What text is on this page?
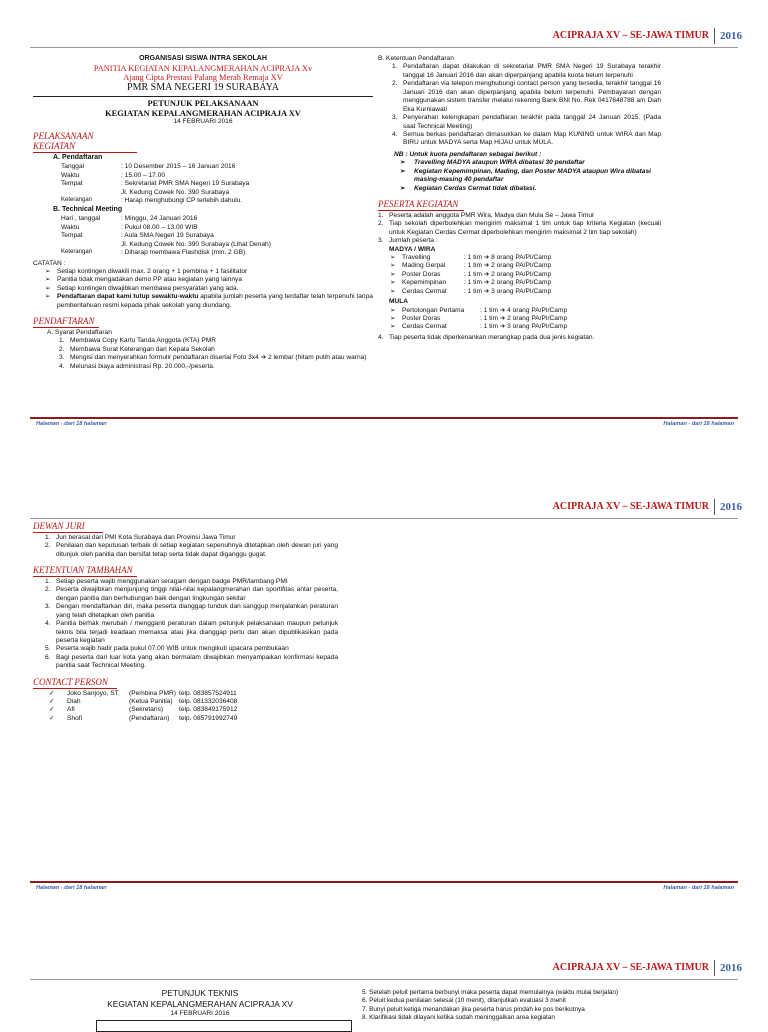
ACIPRAJA XV – SE-JAWA TIMUR 2016
ORGANISASI SISWA INTRA SEKOLAH
PANITIA KEGIATAN KEPALANGMERAHAN ACIPRAJA Xv
Ajang Cipta Prestasi Palang Merah Remaja XV
PMR SMA NEGERI 19 SURABAYA
PETUNJUK PELAKSANAAN
KEGIATAN KEPALANGMERAHAN ACIPRAJA XV
14 FEBRUARI 2016
PELAKSANAAN KEGIATAN
A. Pendaftaran
Tanggal	: 10 Desember 2015 – 16 Januari 2016
Waktu	: 15.00 – 17.00
Tempat	: Sekretariat PMR SMA Negeri 19 Surabaya
Jl. Kedung Cowek No. 390 Surabaya
Keterangan	: Harap menghubungi CP terlebih dahulu.
B. Technical Meeting
Hari , tanggal	: Minggu, 24 Januari 2016
Waktu	: Pukul 08.00 – 13.00 WIB
Tempat	: Aula SMA Negeri 19 Surabaya
Jl. Kedung Cowek No. 390 Surabaya (Lihat Denah)
Keterangan	: Diharap membawa Flashdisk (min. 2 GB).
CATATAN :
➢ Setiap kontingen diwakili max. 2 orang + 1 pembina + 1 fasilitator
➢ Panitia tidak mengadakan demo PP atau kegiatan yang lainnya
➢ Setiap kontingen diwajibkan membawa persyaratan yang ada.
➢ Pendaftaran dapat kami tutup sewaktu-waktu apabila jumlah peserta yang terdaftar telah terpenuhi tanpa pemberitahuan resmi kepada pihak sekolah yang diundang.
PENDAFTARAN
A. Syarat Pendaftaran
1. Membawa Copy Kartu Tanda Anggota (KTA) PMR
2. Membawa Surat Keterangan dari Kepala Sekolah
3. Mengisi dan menyerahkan formulir pendaftaran disertai Foto 3x4 ➔ 2 lembar (hitam putih atau warna)
4. Melunasi biaya administrasi Rp. 20.000,-/peserta.
B. Ketentuan Pendaftaran
1. Pendaftaran dapat dilakukan di sekretariat PMR SMA Negeri 19 Surabaya terakhir tanggal 16 Januari 2016 dan akan diperpanjang apabila kuota belum terpenuhi
2. Pendaftaran via telepon menghubungi contact person yang tersedia, terakhir tanggal 16 Januari 2016 dan akan diperpanjang apabila belum terpenuhi. Pembayaran dengan menggunakan sistem transfer melalui rekening Bank BNI No. Rek 0417648788 a/n Diah Eka Kurniawati
3. Penyerahan kelengkapan pendaftaran terakhir pada tanggal 24 Januari 2015. (Pada saat Technical Meeting)
4. Semua berkas pendaftaran dimasukkan ke dalam Map KUNING untuk WIRA dan Map BIRU untuk MADYA serta Map HIJAU untuk MULA.
NB : Untuk kuota pendaftaran sebagai berikut :
➢ Travelling MADYA ataupun WIRA dibatasi 30 pendaftar
➢ Kegiatan Kepemimpinan, Mading, dan Poster MADYA ataupun Wira dibatasi masing-masing 40 pendaftar
➢ Kegiatan Cerdas Cermat tidak dibatasi.
PESERTA KEGIATAN
1. Peserta adalah anggota PMR Wira, Madya dan Mula Se – Jawa Timur
2. Tiap sekolah diperbolehkan mengirim maksimal 1 tim untuk tiap kriteria Kegiatan (kecuali untuk Kegiatan Cerdas Cermat diperbolehkan mengirim maksimal 2 tim tiap sekolah)
3. Jumlah peserta :
MADYA / WIRA
➢ Travelling	: 1 tim ➔ 8 orang PA/PI/Camp
➢ Mading Gerpal	: 1 tim ➔ 2 orang PA/PI/Camp
➢ Poster Doras	: 1 tim ➔ 2 orang PA/PI/Camp
➢ Kepemimpinan	: 1 tim ➔ 2 orang PA/PI/Camp
➢ Cerdas Cermat	: 1 tim ➔ 3 orang PA/PI/Camp
MULA
➢ Pertolongan Pertama	: 1 tim ➔ 4 orang PA/PI/Camp
➢ Poster Doras	: 1 tim ➔ 2 orang PA/PI/Camp
➢ Cerdas Cermat	: 1 tim ➔ 3 orang PA/PI/Camp
4. Tiap peserta tidak diperkenankan merangkap pada dua jenis kegiatan.
Halaman - dari 18 halaman	Halaman - dari 18 halaman
ACIPRAJA XV – SE-JAWA TIMUR 2016
DEWAN JURI
1. Juri berasal dari PMI Kota Surabaya dan Provinsi Jawa Timur
2. Penilaian dan keputusan terbaik di setiap kegiatan sepenuhnya ditetapkan oleh dewan juri yang ditunjuk oleh panitia dan bersifat tetap serta tidak dapat diganggu gugat.
KETENTUAN TAMBAHAN
1. Setiap peserta wajib menggunakan seragam dengan badge PMR/lambang PMI
2. Peserta diwajibkan menjunjung tinggi nilai-nilai kepalangmerahan dan sportifitas antar peserta, dengan panitia dan berhubungan baik dengan lingkungan sekitar
3. Dengan mendaftarkan diri, maka peserta dianggap tunduk dan sanggup menjalankan peraturan yang telah ditetapkan oleh panitia
4. Panitia berhak merubah / mengganti peraturan dalam petunjuk pelaksanaan maupun petunjuk teknis bila terjadi keadaan memaksa atau jika dianggap perlu dan akan dipublikasikan pada peserta kegiatan
5. Peserta wajib hadir pada pukul 07.00 WIB untuk mengikuti upacara pembukaan
6. Bagi peserta dari luar kota yang akan bermalam diwajibkan menyampaikan konfirmasi kepada panitia saat Technical Meeting.
CONTACT PERSON
✓ Joko Sanjoyo, ST.	(Pembina PMR) telp. 083857524911
✓ Diah	(Ketua Panitia) telp. 081332036408
✓ Afi	(Sekretaris)	telp. 083849175912
✓ Shofi	(Pendaftaran)	telp. 085791992749
Halaman - dari 18 halaman	Halaman - dari 18 halaman
ACIPRAJA XV – SE-JAWA TIMUR 2016
PETUNJUK TEKNIS
KEGIATAN KEPALANGMERAHAN ACIPRAJA XV
14 FEBRUARI 2016
5. Setelah peluit pertama berbunyi maka peserta dapat memulainya (waktu mulai berjalan)
6. Peluit kedua penilaian selesai (10 menit), dilanjutkan evaluasi 3 menit
7. Bunyi peluit ketiga menandakan jika peserta harus pindah ke pos berikutnya
8. Klarifikasi tidak dilayani ketika sudah meninggalkan area kegiatan
